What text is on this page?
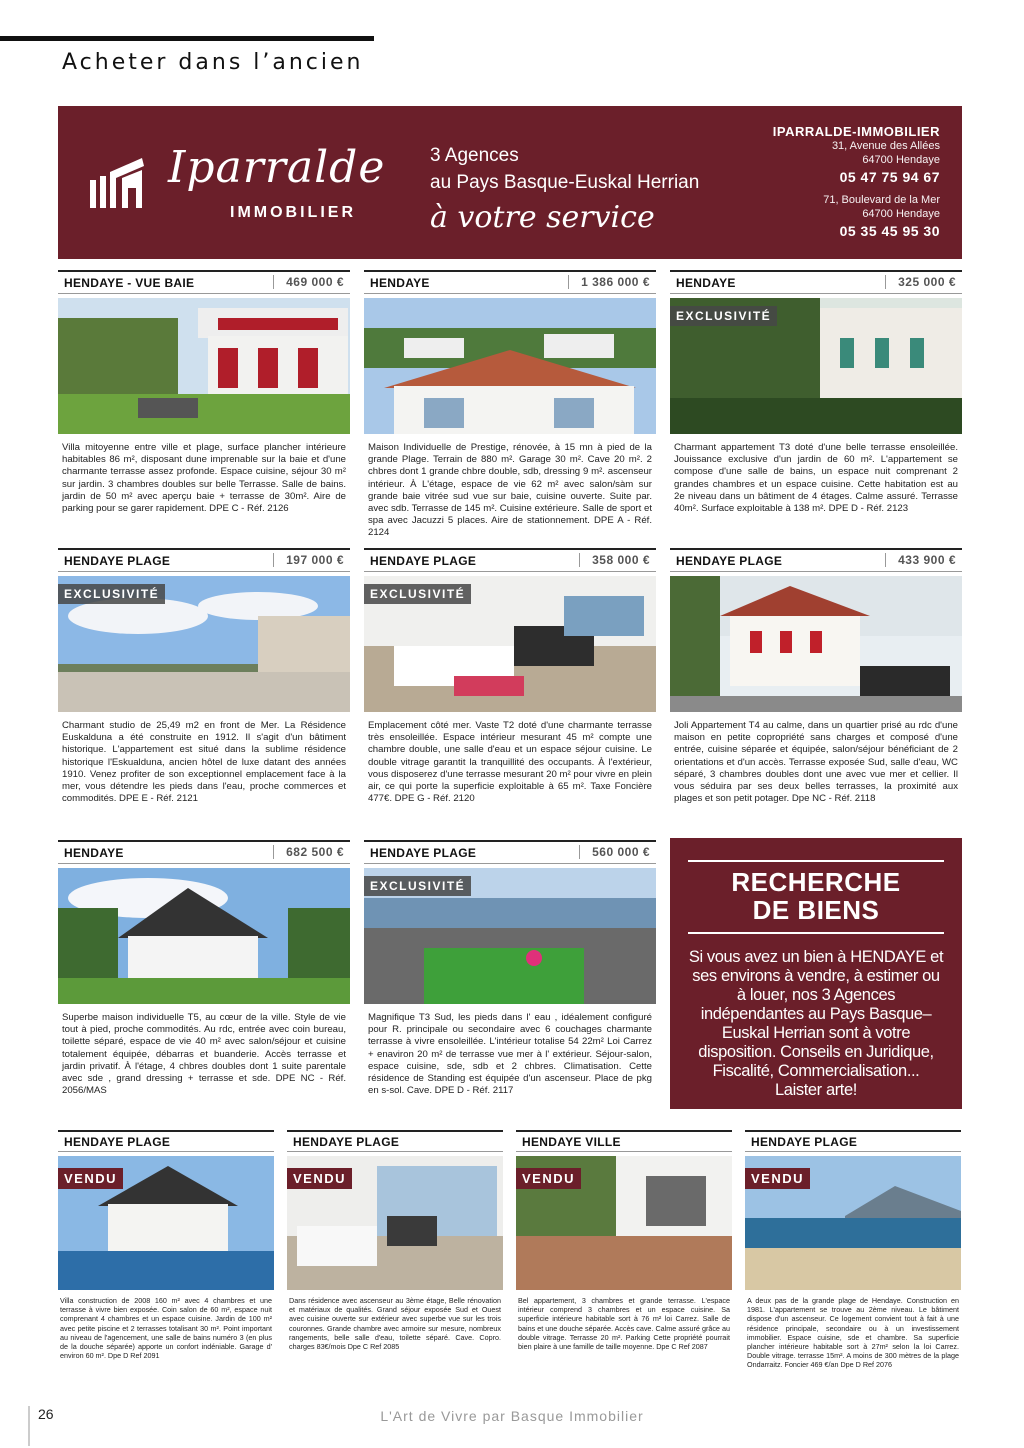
Acheter dans l’ancien
Iparralde
IMMOBILIER
3 Agences
au Pays Basque-Euskal Herrian
à votre service
IPARRALDE-IMMOBILIER
31, Avenue des Allées
64700 Hendaye
05 47 75 94 67
71, Boulevard de la Mer
64700 Hendaye
05 35 45 95 30
HENDAYE - VUE BAIE	469 000 €
Villa mitoyenne entre ville et plage, surface plancher intérieure habitables 86 m², disposant dune imprenable sur la baie et d'une charmante terrasse assez profonde. Espace cuisine, séjour 30 m² sur jardin. 3 chambres doubles sur belle Terrasse. Salle de bains. jardin de 50 m² avec aperçu baie + terrasse de 30m². Aire de parking pour se garer rapidement. DPE C - Réf. 2126
HENDAYE	1 386 000 €
Maison Individuelle de Prestige, rénovée, à 15 mn à pied de la grande Plage. Terrain de 880 m². Garage 30 m². Cave 20 m². 2 chbres dont 1 grande chbre double, sdb, dressing 9 m². ascenseur intérieur. À L'étage, espace de vie 62 m² avec salon/sàm sur grande baie vitrée sud vue sur baie, cuisine ouverte. Suite par. avec sdb. Terrasse de 145 m². Cuisine extérieure. Salle de sport et spa avec Jacuzzi 5 places. Aire de stationnement. DPE A - Réf. 2124
HENDAYE	325 000 €
EXCLUSIVITÉ
Charmant appartement T3 doté d'une belle terrasse ensoleillée. Jouissance exclusive d'un jardin de 60 m². L'appartement se compose d'une salle de bains, un espace nuit comprenant 2 grandes chambres et un espace cuisine. Cette habitation est au 2e niveau dans un bâtiment de 4 étages. Calme assuré. Terrasse 40m². Surface exploitable à 138 m². DPE D - Réf. 2123
HENDAYE PLAGE	197 000 €
EXCLUSIVITÉ
Charmant studio de 25,49 m2 en front de Mer. La Résidence Euskalduna a été construite en 1912. Il s'agit d'un bâtiment historique. L'appartement est situé dans la sublime résidence historique l'Eskualduna, ancien hôtel de luxe datant des années 1910. Venez profiter de son exceptionnel emplacement face à la mer, vous détendre les pieds dans l'eau, proche commerces et commodités. DPE E - Réf. 2121
HENDAYE PLAGE	358 000 €
EXCLUSIVITÉ
Emplacement côté mer. Vaste T2 doté d'une charmante terrasse très ensoleillée. Espace intérieur mesurant 45 m² compte une chambre double, une salle d'eau et un espace séjour cuisine. Le double vitrage garantit la tranquillité des occupants. À l'extérieur, vous disposerez d'une terrasse mesurant 20 m² pour vivre en plein air, ce qui porte la superficie exploitable à 65 m². Taxe Foncière 477€. DPE G - Réf. 2120
HENDAYE PLAGE	433 900 €
Joli Appartement T4 au calme, dans un quartier prisé au rdc d'une maison en petite copropriété sans charges et composé d'une entrée, cuisine séparée et équipée, salon/séjour bénéficiant de 2 orientations et d'un accès. Terrasse exposée Sud, salle d'eau, WC séparé, 3 chambres doubles dont une avec vue mer et cellier. Il vous séduira par ses deux belles terrasses, la proximité aux plages et son petit potager. Dpe NC - Réf. 2118
HENDAYE	682 500 €
Superbe maison individuelle T5, au cœur de la ville. Style de vie tout à pied, proche commodités. Au rdc, entrée avec coin bureau, toilette séparé, espace de vie 40 m² avec salon/séjour et cuisine totalement équipée, débarras et buanderie. Accès terrasse et jardin privatif. À l'étage, 4 chbres doubles dont 1 suite parentale avec sde , grand dressing + terrasse et sde. DPE NC - Réf. 2056/MAS
HENDAYE PLAGE	560 000 €
EXCLUSIVITÉ
Magnifique T3 Sud, les pieds dans l' eau , idéalement configuré pour R. principale ou secondaire avec 6 couchages charmante terrasse à vivre ensoleillée. L'intérieur totalise 54 22m² Loi Carrez + enaviron 20 m² de terrasse vue mer à l' extérieur. Séjour-salon, espace cuisine, sde, sdb et 2 chbres. Climatisation. Cette résidence de Standing est équipée d'un ascenseur. Place de pkg en s-sol. Cave. DPE D - Réf. 2117
RECHERCHE
DE BIENS
Si vous avez un bien à HENDAYE et ses environs à vendre, à estimer ou à louer, nos 3 Agences indépendantes au Pays Basque–Euskal Herrian sont à votre disposition. Conseils en Juridique, Fiscalité, Commercialisation... Laister arte!
HENDAYE PLAGE
VENDU
Villa construction de 2008 160 m² avec 4 chambres et une terrasse à vivre bien exposée. Coin salon de 60 m², espace nuit comprenant 4 chambres et un espace cuisine. Jardin de 100 m² avec petite piscine et 2 terrasses totalisant 30 m². Point important au niveau de l'agencement, une salle de bains numéro 3 (en plus de la douche séparée) apporte un confort indéniable. Garage d' environ 60 m². Dpe D Ref 2091
HENDAYE PLAGE
VENDU
Dans résidence avec ascenseur au 3ème étage, Belle rénovation et matériaux de qualités. Grand séjour exposée Sud et Ouest avec cuisine ouverte sur extérieur avec superbe vue sur les trois couronnes. Grande chambre avec armoire sur mesure, nombreux rangements, belle salle d'eau, toilette séparé. Cave. Copro. charges 83€/mois Dpe C Ref 2085
HENDAYE VILLE
VENDU
Bel appartement, 3 chambres et grande terrasse. L'espace intérieur comprend 3 chambres et un espace cuisine. Sa superficie intérieure habitable sort à 76 m² loi Carrez. Salle de bains et une douche séparée. Accès cave. Calme assuré grâce au double vitrage. Terrasse 20 m². Parking Cette propriété pourrait bien plaire à une famille de taille moyenne. Dpe C Ref 2087
HENDAYE PLAGE
VENDU
A deux pas de la grande plage de Hendaye. Construction en 1981. L'appartement se trouve au 2ème niveau. Le bâtiment dispose d'un ascenseur. Ce logement convient tout à fait à une résidence principale, secondaire ou à un investissement immobilier. Espace cuisine, sde et chambre. Sa superficie plancher intérieure habitable sort à 27m² selon la loi Carrez. Double vitrage. terrasse 15m². A moins de 300 mètres de la plage Ondarraitz. Foncier 469 €/an Dpe D Ref 2076
26	L'Art de Vivre par Basque Immobilier
